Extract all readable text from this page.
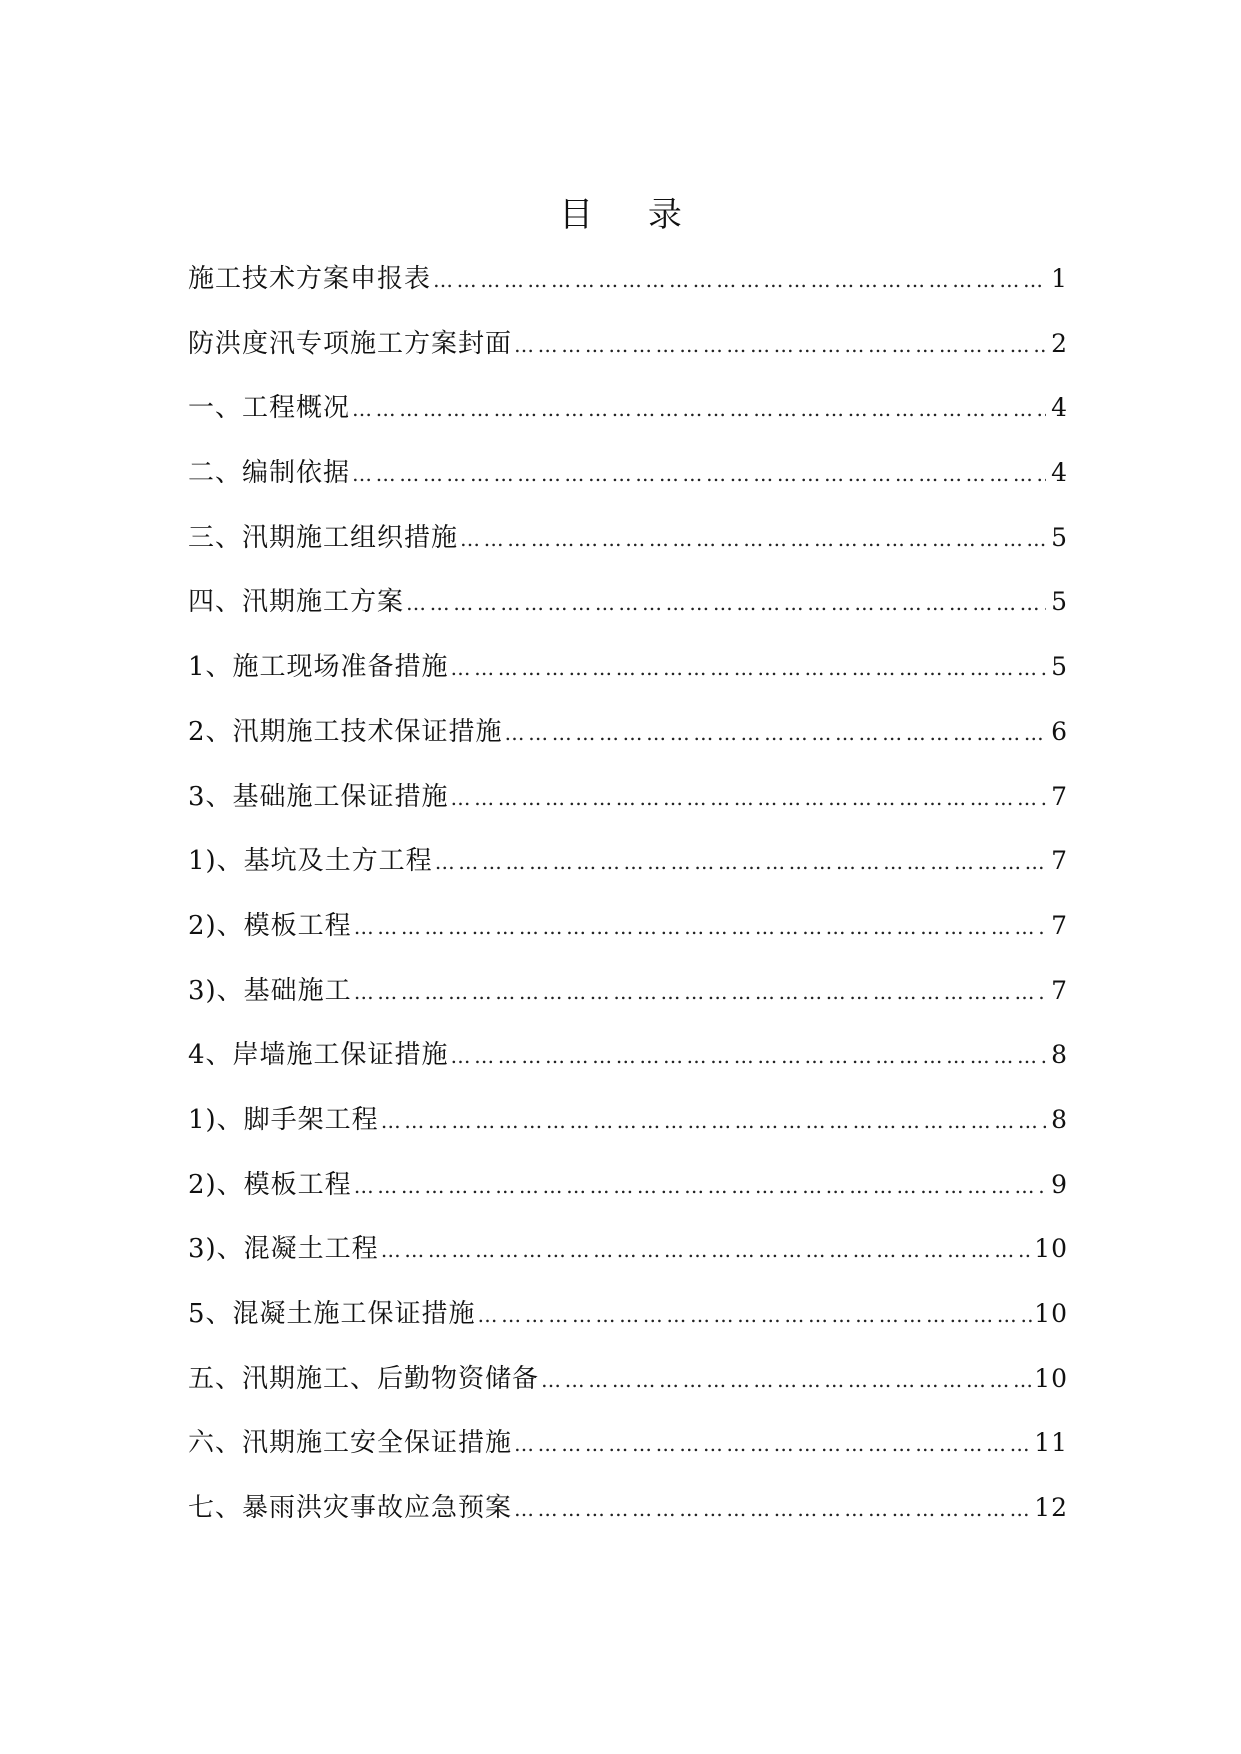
目 录
施工技术方案申报表 ……………………………………………………………………………………………………………………………………………………	1
防洪度汛专项施工方案封面 ……………………………………………………………………………………………………………………………………………………	2
一、工程概况 ……………………………………………………………………………………………………………………………………………………	4
二、编制依据 ……………………………………………………………………………………………………………………………………………………	4
三、汛期施工组织措施 ……………………………………………………………………………………………………………………………………………………	5
四、汛期施工方案 ……………………………………………………………………………………………………………………………………………………	5
1、施工现场准备措施 ……………………………………………………………………………………………………………………………………………………	5
2、汛期施工技术保证措施 ……………………………………………………………………………………………………………………………………………………	6
3、基础施工保证措施 ……………………………………………………………………………………………………………………………………………………	7
1)、基坑及土方工程 ……………………………………………………………………………………………………………………………………………………	7
2)、模板工程 ……………………………………………………………………………………………………………………………………………………	7
3)、基础施工 ……………………………………………………………………………………………………………………………………………………	7
4、岸墙施工保证措施 ……………………………………………………………………………………………………………………………………………………	8
1)、脚手架工程 ……………………………………………………………………………………………………………………………………………………	8
2)、模板工程 ……………………………………………………………………………………………………………………………………………………	9
3)、混凝土工程 ……………………………………………………………………………………………………………………………………………………	10
5、混凝土施工保证措施 ……………………………………………………………………………………………………………………………………………………	10
五、汛期施工、后勤物资储备 ……………………………………………………………………………………………………………………………………………………	10
六、汛期施工安全保证措施 ……………………………………………………………………………………………………………………………………………………	11
七、暴雨洪灾事故应急预案 ……………………………………………………………………………………………………………………………………………………	12
